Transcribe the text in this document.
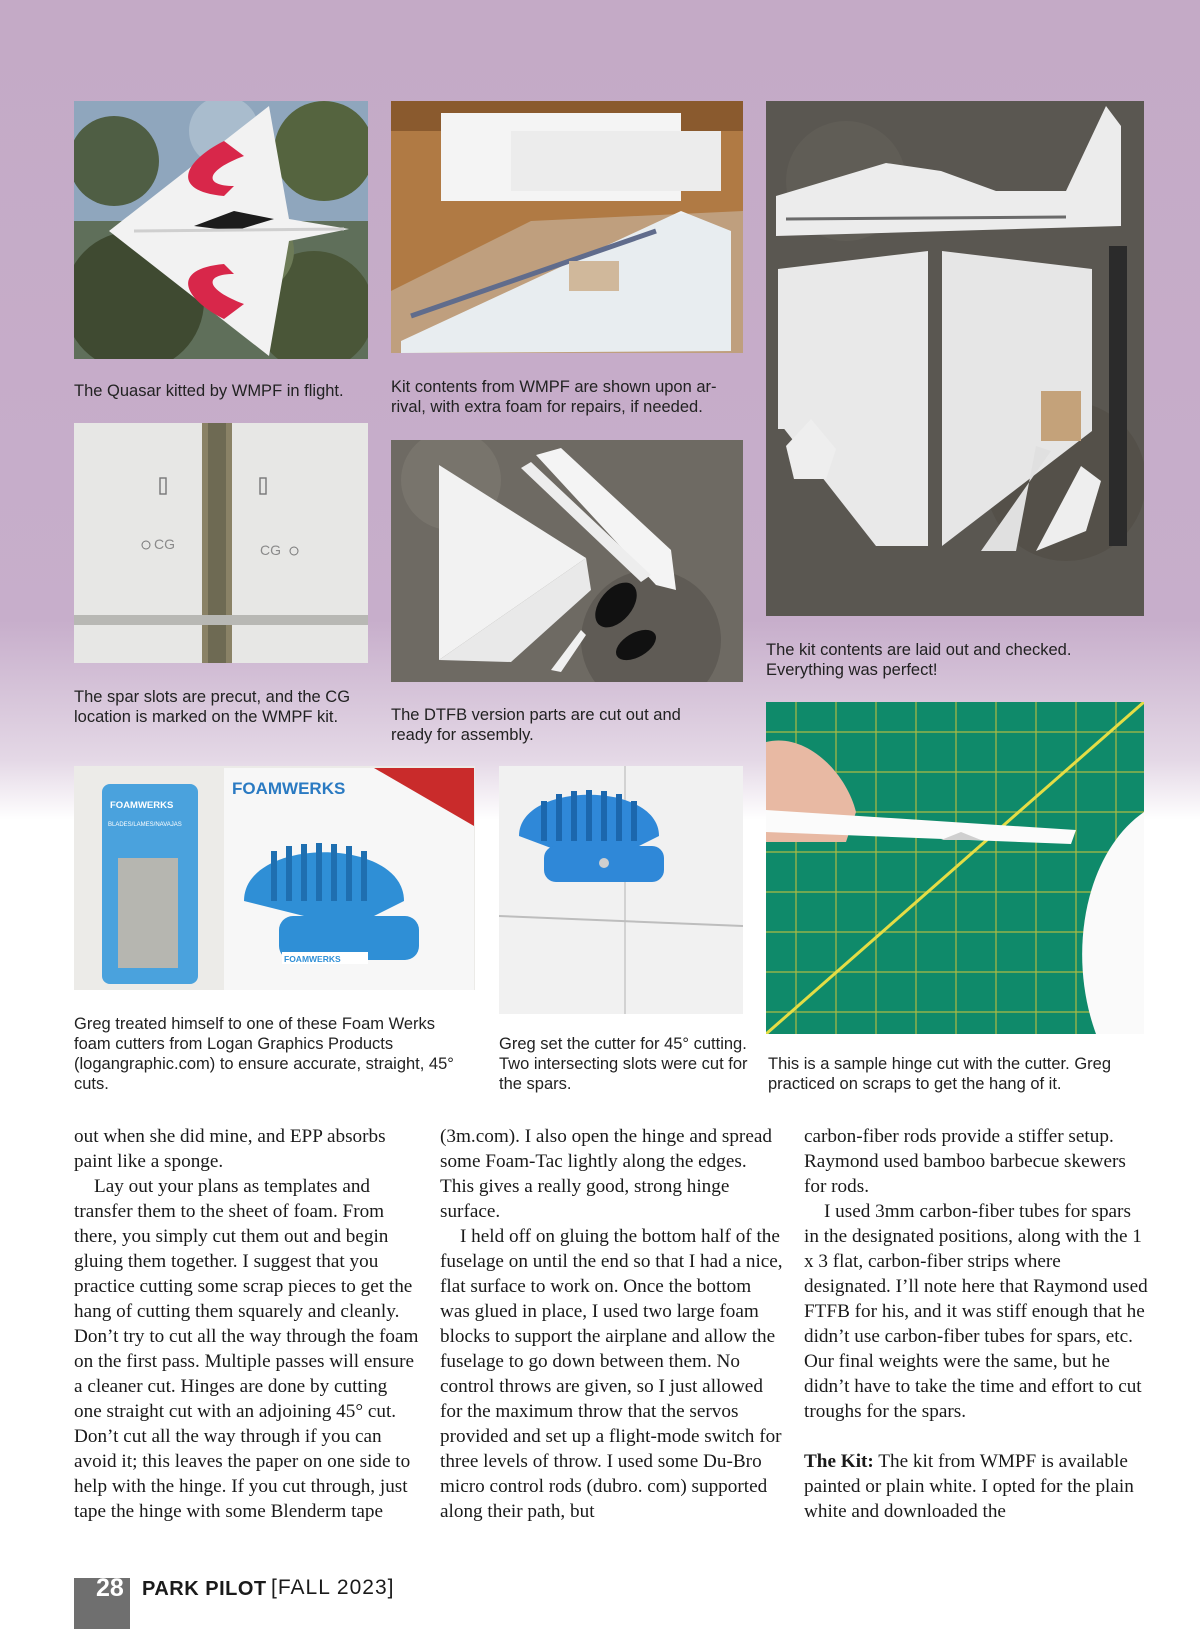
The Quasar kitted by WMPF in flight.	Kit contents from WMPF are shown upon ar-rival, with extra foam for repairs, if needed.
The kit contents are laid out and checked. Everything was perfect!
CG	CG
The spar slots are precut, and the CG location is marked on the WMPF kit.	The DTFB version parts are cut out and ready for assembly.
FOAMWERKS
BLADES/LAMES/NAVAJAS
FOAMWERKS
FOAMWERKS
Greg treated himself to one of these Foam Werks foam cutters from Logan Graphics Products (logangraphic.com) to ensure accurate, straight, 45° cuts.
Greg set the cutter for 45° cutting. Two intersecting slots were cut for the spars.
This is a sample hinge cut with the cutter. Greg practiced on scraps to get the hang of it.

out when she did mine, and EPP absorbs paint like a sponge.

Lay out your plans as templates and transfer them to the sheet of foam. From there, you simply cut them out and begin gluing them together. I suggest that you practice cutting some scrap pieces to get the hang of cutting them squarely and cleanly. Don’t try to cut all the way through the foam on the first pass. Multiple passes will ensure a cleaner cut. Hinges are done by cutting one straight cut with an adjoining 45° cut. Don’t cut all the way through if you can avoid it; this leaves the paper on one side to help with the hinge. If you cut through, just tape the hinge with some Blenderm tape

(3m.com). I also open the hinge and spread some Foam-Tac lightly along the edges. This gives a really good, strong hinge surface.

I held off on gluing the bottom half of the fuselage on until the end so that I had a nice, flat surface to work on. Once the bottom was glued in place, I used two large foam blocks to support the airplane and allow the fuselage to go down between them. No control throws are given, so I just allowed for the maximum throw that the servos provided and set up a flight-mode switch for three levels of throw. I used some Du-Bro micro control rods (dubro. com) supported along their path, but

carbon-fiber rods provide a stiffer setup. Raymond used bamboo barbecue skewers for rods.

I used 3mm carbon-fiber tubes for spars in the designated positions, along with the 1 x 3 flat, carbon-fiber strips where designated. I’ll note here that Raymond used FTFB for his, and it was stiff enough that he didn’t use carbon-fiber tubes for spars, etc. Our final weights were the same, but he didn’t have to take the time and effort to cut troughs for the spars.

The Kit: The kit from WMPF is available painted or plain white. I opted for the plain white and downloaded the

28 PARK PILOT [FALL 2023]
